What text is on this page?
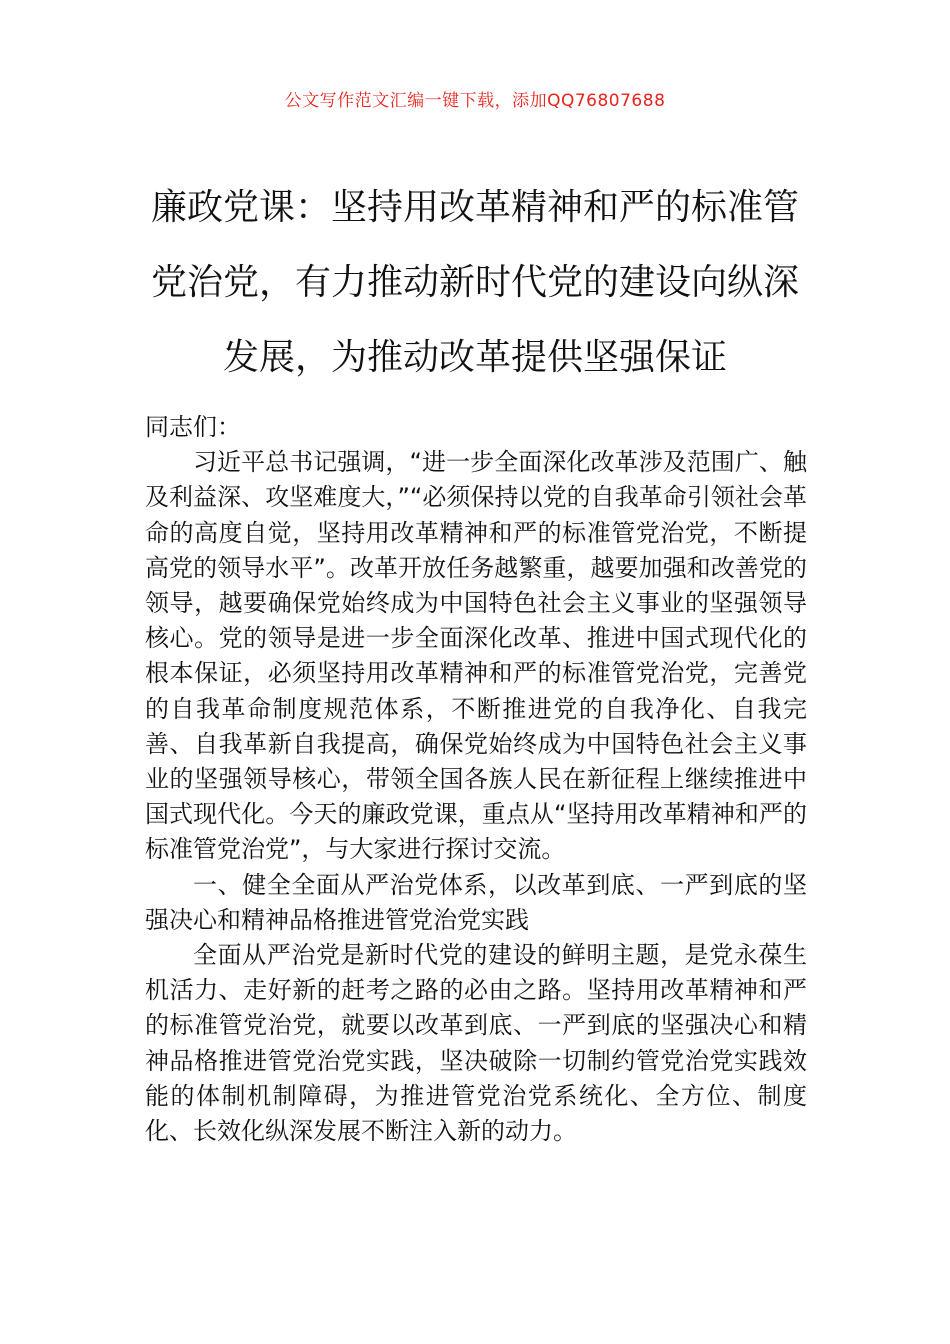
公文写作范文汇编一键下载，添加QQ76807688
廉政党课：坚持用改革精神和严的标准管
党治党，有力推动新时代党的建设向纵深
发展，为推动改革提供坚强保证

同志们：

习近平总书记强调，“进一步全面深化改革涉及范围广、触及利益深、攻坚难度大，”“必须保持以党的自我革命引领社会革命的高度自觉，坚持用改革精神和严的标准管党治党，不断提高党的领导水平”。改革开放任务越繁重，越要加强和改善党的领导，越要确保党始终成为中国特色社会主义事业的坚强领导核心。党的领导是进一步全面深化改革、推进中国式现代化的根本保证，必须坚持用改革精神和严的标准管党治党，完善党的自我革命制度规范体系，不断推进党的自我净化、自我完善、自我革新自我提高，确保党始终成为中国特色社会主义事业的坚强领导核心，带领全国各族人民在新征程上继续推进中国式现代化。今天的廉政党课，重点从“坚持用改革精神和严的标准管党治党”，与大家进行探讨交流。

一、健全全面从严治党体系，以改革到底、一严到底的坚强决心和精神品格推进管党治党实践

全面从严治党是新时代党的建设的鲜明主题，是党永葆生机活力、走好新的赶考之路的必由之路。坚持用改革精神和严的标准管党治党，就要以改革到底、一严到底的坚强决心和精神品格推进管党治党实践，坚决破除一切制约管党治党实践效能的体制机制障碍，为推进管党治党系统化、全方位、制度化、长效化纵深发展不断注入新的动力。
